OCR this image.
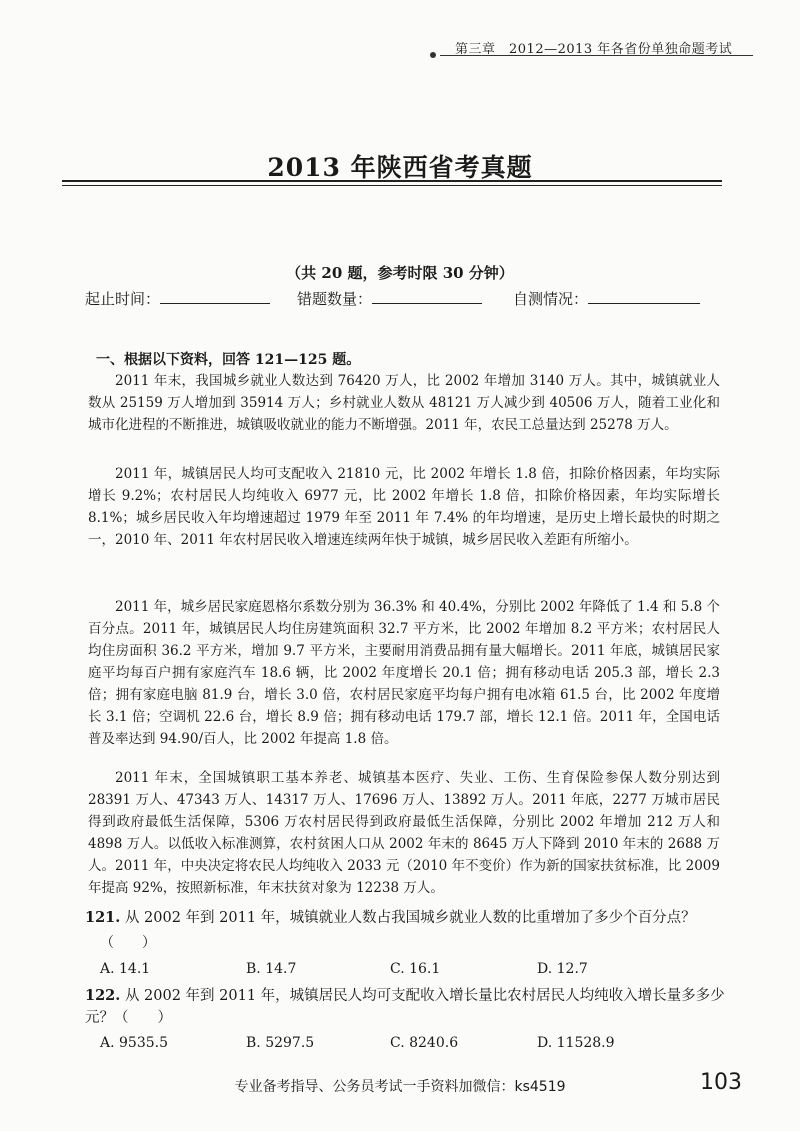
第三章　2012—2013 年各省份单独命题考试
2013 年陕西省考真题
（共 20 题，参考时限 30 分钟）
起止时间：	错题数量：	自测情况：
一、根据以下资料，回答 121—125 题。

2011 年末，我国城乡就业人数达到 76420 万人，比 2002 年增加 3140 万人。其中，城镇就业人数从 25159 万人增加到 35914 万人；乡村就业人数从 48121 万人减少到 40506 万人，随着工业化和城市化进程的不断推进，城镇吸收就业的能力不断增强。2011 年，农民工总量达到 25278 万人。

2011 年，城镇居民人均可支配收入 21810 元，比 2002 年增长 1.8 倍，扣除价格因素，年均实际增长 9.2%；农村居民人均纯收入 6977 元，比 2002 年增长 1.8 倍，扣除价格因素，年均实际增长 8.1%；城乡居民收入年均增速超过 1979 年至 2011 年 7.4% 的年均增速，是历史上增长最快的时期之一，2010 年、2011 年农村居民收入增速连续两年快于城镇，城乡居民收入差距有所缩小。

2011 年，城乡居民家庭恩格尔系数分别为 36.3% 和 40.4%，分别比 2002 年降低了 1.4 和 5.8 个百分点。2011 年，城镇居民人均住房建筑面积 32.7 平方米，比 2002 年增加 8.2 平方米；农村居民人均住房面积 36.2 平方米，增加 9.7 平方米，主要耐用消费品拥有量大幅增长。2011 年底，城镇居民家庭平均每百户拥有家庭汽车 18.6 辆，比 2002 年度增长 20.1 倍；拥有移动电话 205.3 部，增长 2.3 倍；拥有家庭电脑 81.9 台，增长 3.0 倍，农村居民家庭平均每户拥有电冰箱 61.5 台，比 2002 年度增长 3.1 倍；空调机 22.6 台，增长 8.9 倍；拥有移动电话 179.7 部，增长 12.1 倍。2011 年，全国电话普及率达到 94.90/百人，比 2002 年提高 1.8 倍。

2011 年末，全国城镇职工基本养老、城镇基本医疗、失业、工伤、生育保险参保人数分别达到 28391 万人、47343 万人、14317 万人、17696 万人、13892 万人。2011 年底，2277 万城市居民得到政府最低生活保障，5306 万农村居民得到政府最低生活保障，分别比 2002 年增加 212 万人和 4898 万人。以低收入标准测算，农村贫困人口从 2002 年末的 8645 万人下降到 2010 年末的 2688 万人。2011 年，中央决定将农民人均纯收入 2033 元（2010 年不变价）作为新的国家扶贫标准，比 2009 年提高 92%，按照新标准，年末扶贫对象为 12238 万人。

121. 从 2002 年到 2011 年，城镇就业人数占我国城乡就业人数的比重增加了多少个百分点？

（　　）
A. 14.1	B. 14.7	C. 16.1	D. 12.7

122. 从 2002 年到 2011 年，城镇居民人均可支配收入增长量比农村居民人均纯收入增长量多多少元？（　　）

A. 9535.5	B. 5297.5	C. 8240.6	D. 11528.9
专业备考指导、公务员考试一手资料加微信：ks4519	103
